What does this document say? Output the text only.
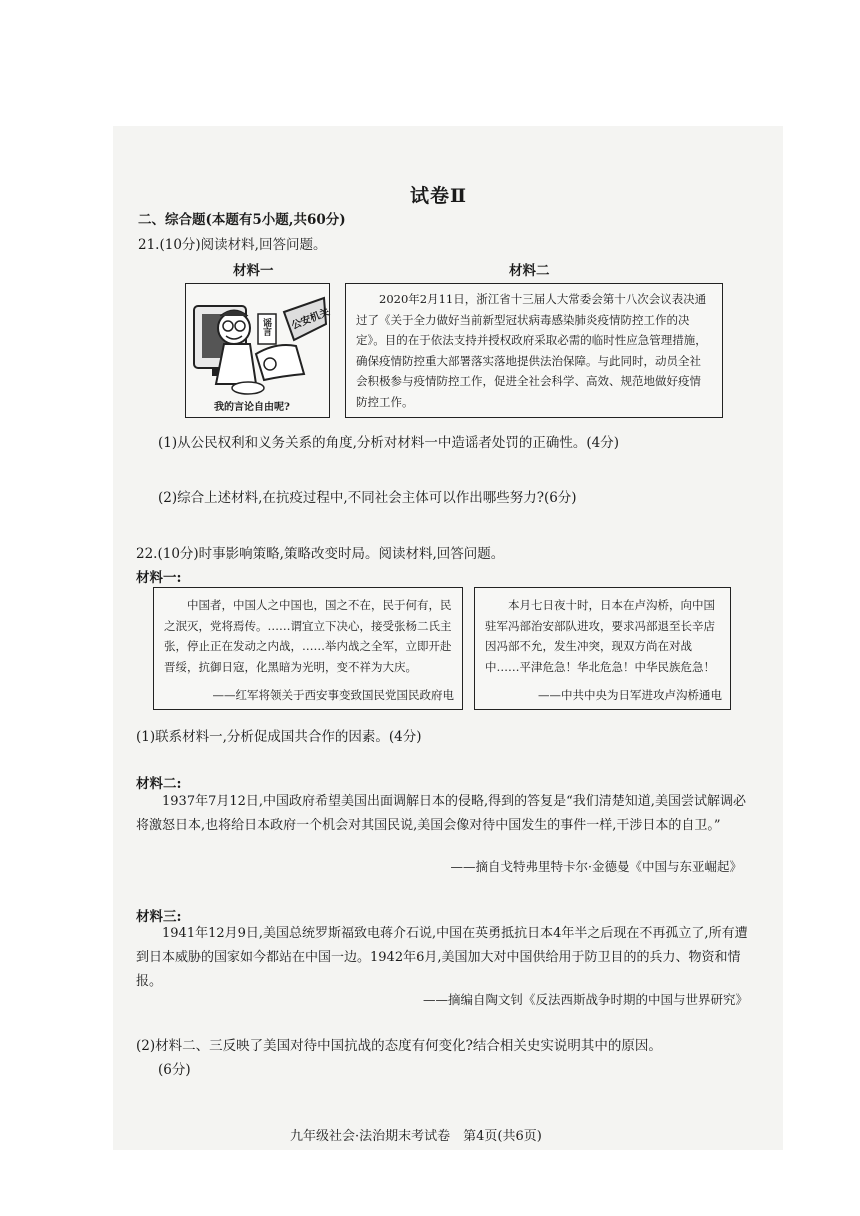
试卷Ⅱ
二、综合题(本题有5小题,共60分)
21.(10分)阅读材料,回答问题。
材料一	材料二
公安机关
谣言
我的言论自由呢?
2020年2月11日，浙江省十三届人大常委会第十八次会议表决通过了《关于全力做好当前新型冠状病毒感染肺炎疫情防控工作的决定》。目的在于依法支持并授权政府采取必需的临时性应急管理措施，确保疫情防控重大部署落实落地提供法治保障。与此同时，动员全社会积极参与疫情防控工作，促进全社会科学、高效、规范地做好疫情防控工作。
(1)从公民权利和义务关系的角度,分析对材料一中造谣者处罚的正确性。(4分)
(2)综合上述材料,在抗疫过程中,不同社会主体可以作出哪些努力?(6分)
22.(10分)时事影响策略,策略改变时局。阅读材料,回答问题。
材料一:
中国者，中国人之中国也，国之不在，民于何有，民之泯灭，党将焉传。……谓宜立下决心，接受张杨二氏主张，停止正在发动之内战，……举内战之全军，立即开赴晋绥，抗御日寇，化黑暗为光明，变不祥为大庆。
——红军将领关于西安事变致国民党国民政府电
本月七日夜十时，日本在卢沟桥，向中国驻军冯部治安部队进攻，要求冯部退至长辛店因冯部不允，发生冲突，现双方尚在对战中……平津危急！华北危急！中华民族危急！
——中共中央为日军进攻卢沟桥通电
(1)联系材料一,分析促成国共合作的因素。(4分)
材料二:
1937年7月12日,中国政府希望美国出面调解日本的侵略,得到的答复是“我们清楚知道,美国尝试解调必将激怒日本,也将给日本政府一个机会对其国民说,美国会像对待中国发生的事件一样,干涉日本的自卫。”
——摘自戈特弗里特卡尔·金德曼《中国与东亚崛起》
材料三:
1941年12月9日,美国总统罗斯福致电蒋介石说,中国在英勇抵抗日本4年半之后现在不再孤立了,所有遭到日本威胁的国家如今都站在中国一边。1942年6月,美国加大对中国供给用于防卫目的的兵力、物资和情报。
——摘编自陶文钊《反法西斯战争时期的中国与世界研究》
(2)材料二、三反映了美国对待中国抗战的态度有何变化?结合相关史实说明其中的原因。
(6分)
九年级社会·法治期末考试卷　第4页(共6页)
